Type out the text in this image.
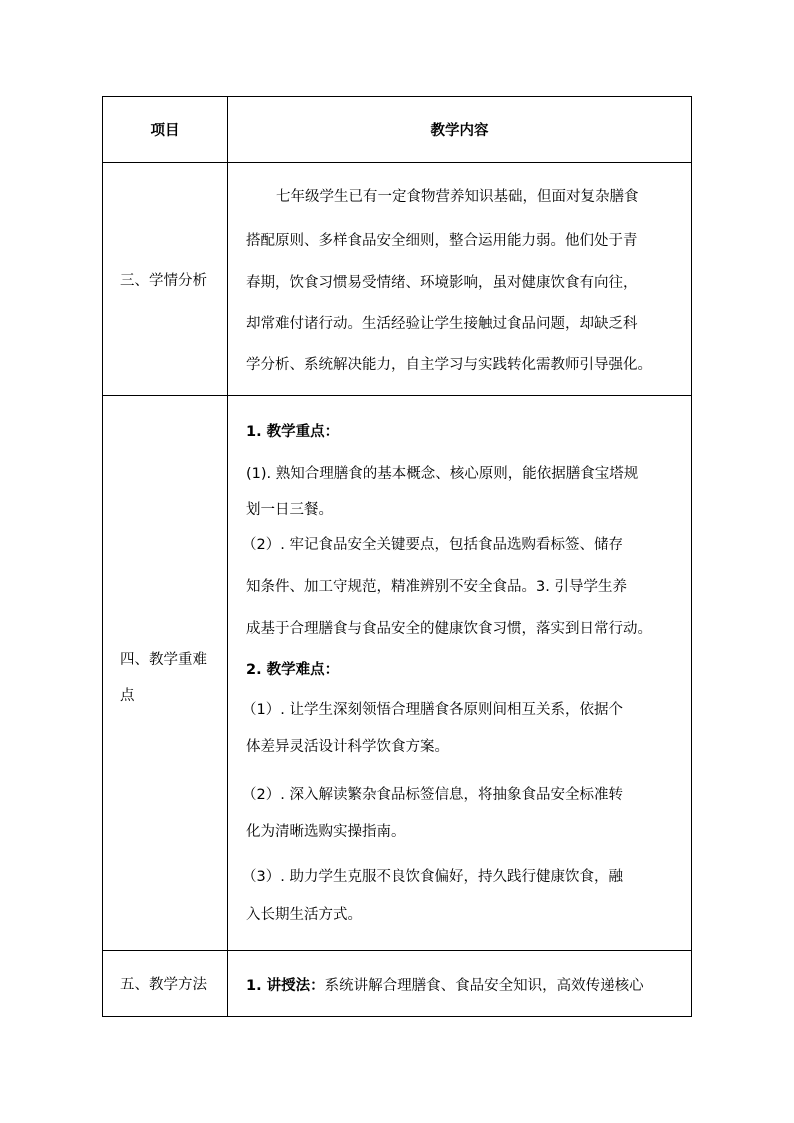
项目	教学内容
三、学情分析
七年级学生已有一定食物营养知识基础，但面对复杂膳食
搭配原则、多样食品安全细则，整合运用能力弱。他们处于青
春期，饮食习惯易受情绪、环境影响，虽对健康饮食有向往，
却常难付诸行动。生活经验让学生接触过食品问题，却缺乏科
学分析、系统解决能力，自主学习与实践转化需教师引导强化。
四、教学重难
点
1. 教学重点：
(1). 熟知合理膳食的基本概念、核心原则，能依据膳食宝塔规
划一日三餐。
（2）. 牢记食品安全关键要点，包括食品选购看标签、储存
知条件、加工守规范，精准辨别不安全食品。3. 引导学生养
成基于合理膳食与食品安全的健康饮食习惯，落实到日常行动。
2. 教学难点：
（1）. 让学生深刻领悟合理膳食各原则间相互关系，依据个
体差异灵活设计科学饮食方案。
（2）. 深入解读繁杂食品标签信息，将抽象食品安全标准转
化为清晰选购实操指南。
（3）. 助力学生克服不良饮食偏好，持久践行健康饮食，融
入长期生活方式。
五、教学方法	1. 讲授法：系统讲解合理膳食、食品安全知识，高效传递核心
